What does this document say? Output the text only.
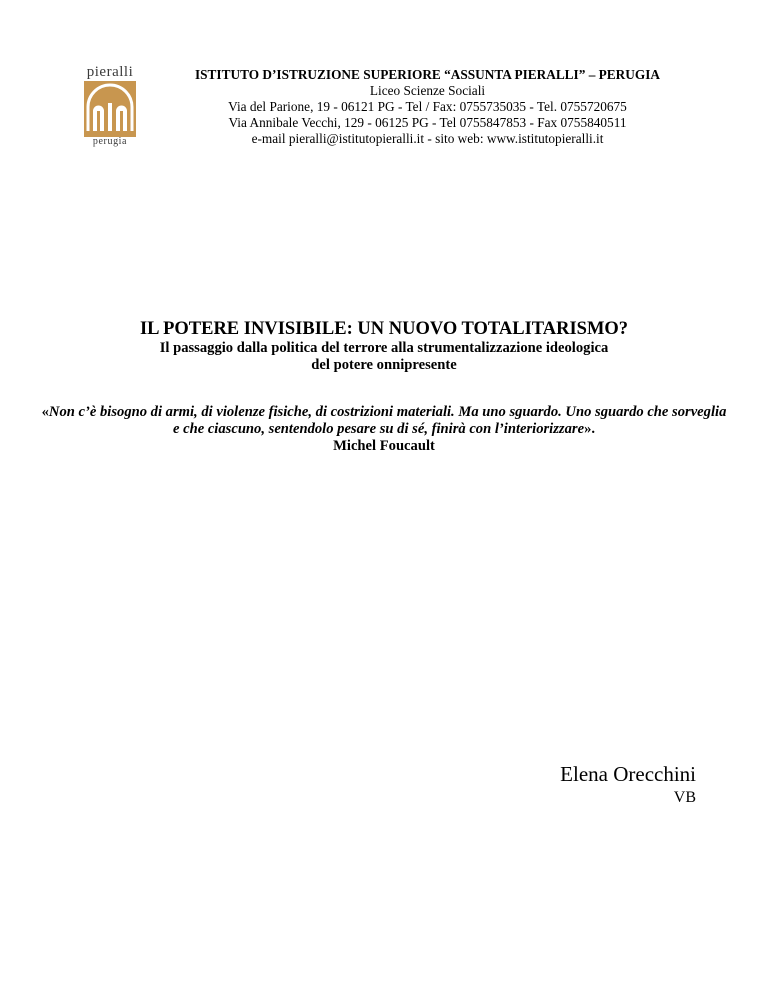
pieralli
perugia
ISTITUTO D’ISTRUZIONE SUPERIORE “ASSUNTA PIERALLI” – PERUGIA
Liceo Scienze Sociali
Via del Parione, 19 - 06121 PG - Tel / Fax: 0755735035 - Tel. 0755720675
Via Annibale Vecchi, 129 - 06125 PG - Tel 0755847853 - Fax 0755840511
e-mail pieralli@istitutopieralli.it - sito web: www.istitutopieralli.it
IL POTERE INVISIBILE: UN NUOVO TOTALITARISMO?
Il passaggio dalla politica del terrore alla strumentalizzazione ideologica del potere onnipresente
«Non c’è bisogno di armi, di violenze fisiche, di costrizioni materiali. Ma uno sguardo. Uno sguardo che sorveglia e che ciascuno, sentendolo pesare su di sé, finirà con l’interiorizzare».
Michel Foucault
Elena Orecchini
VB
